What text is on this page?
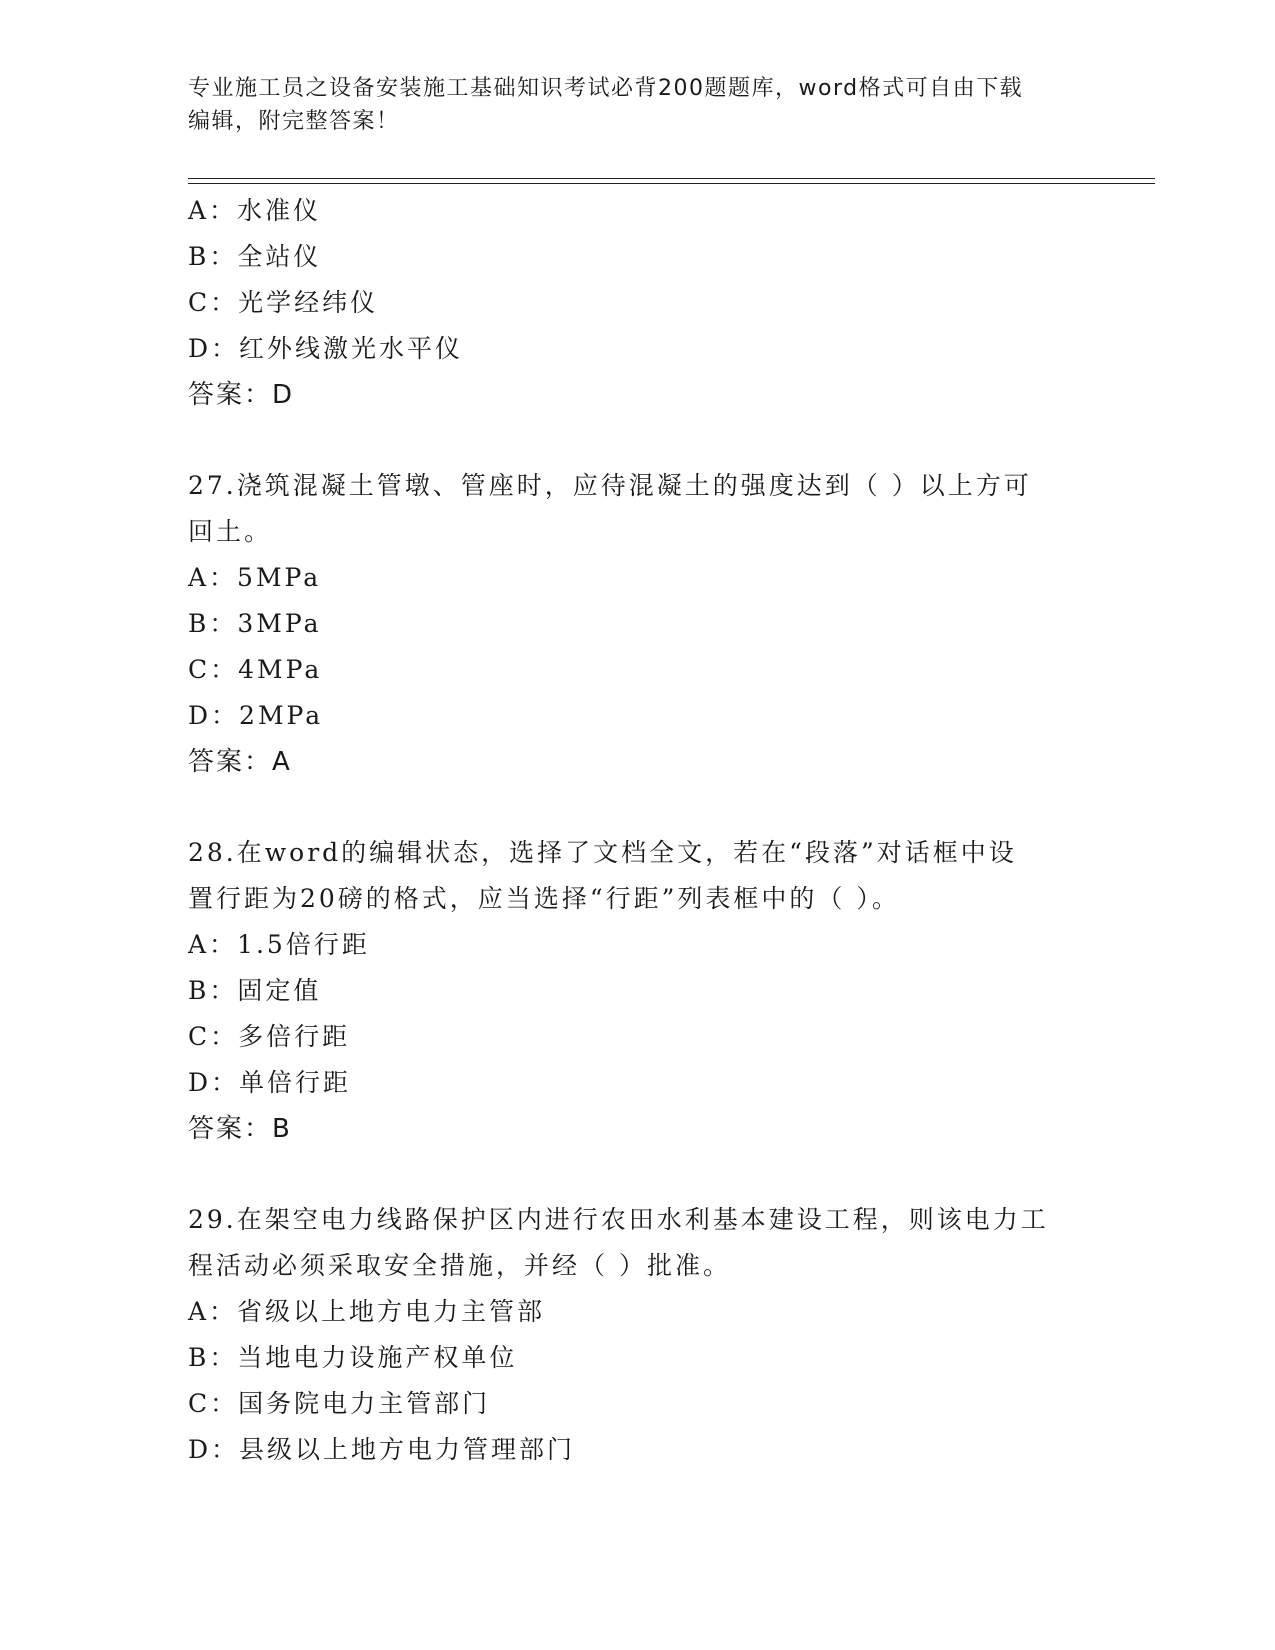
专业施工员之设备安装施工基础知识考试必背200题题库，word格式可自由下载
编辑，附完整答案！
A：水准仪
B：全站仪
C：光学经纬仪
D：红外线激光水平仪
答案：D
27.浇筑混凝土管墩、管座时，应待混凝土的强度达到（ ）以上方可
回土。
A：5MPa
B：3MPa
C：4MPa
D：2MPa
答案：A
28.在word的编辑状态，选择了文档全文，若在“段落”对话框中设
置行距为20磅的格式，应当选择“行距”列表框中的（ ）。
A：1.5倍行距
B：固定值
C：多倍行距
D：单倍行距
答案：B
29.在架空电力线路保护区内进行农田水利基本建设工程，则该电力工
程活动必须采取安全措施，并经（ ）批准。
A：省级以上地方电力主管部
B：当地电力设施产权单位
C：国务院电力主管部门
D：县级以上地方电力管理部门
